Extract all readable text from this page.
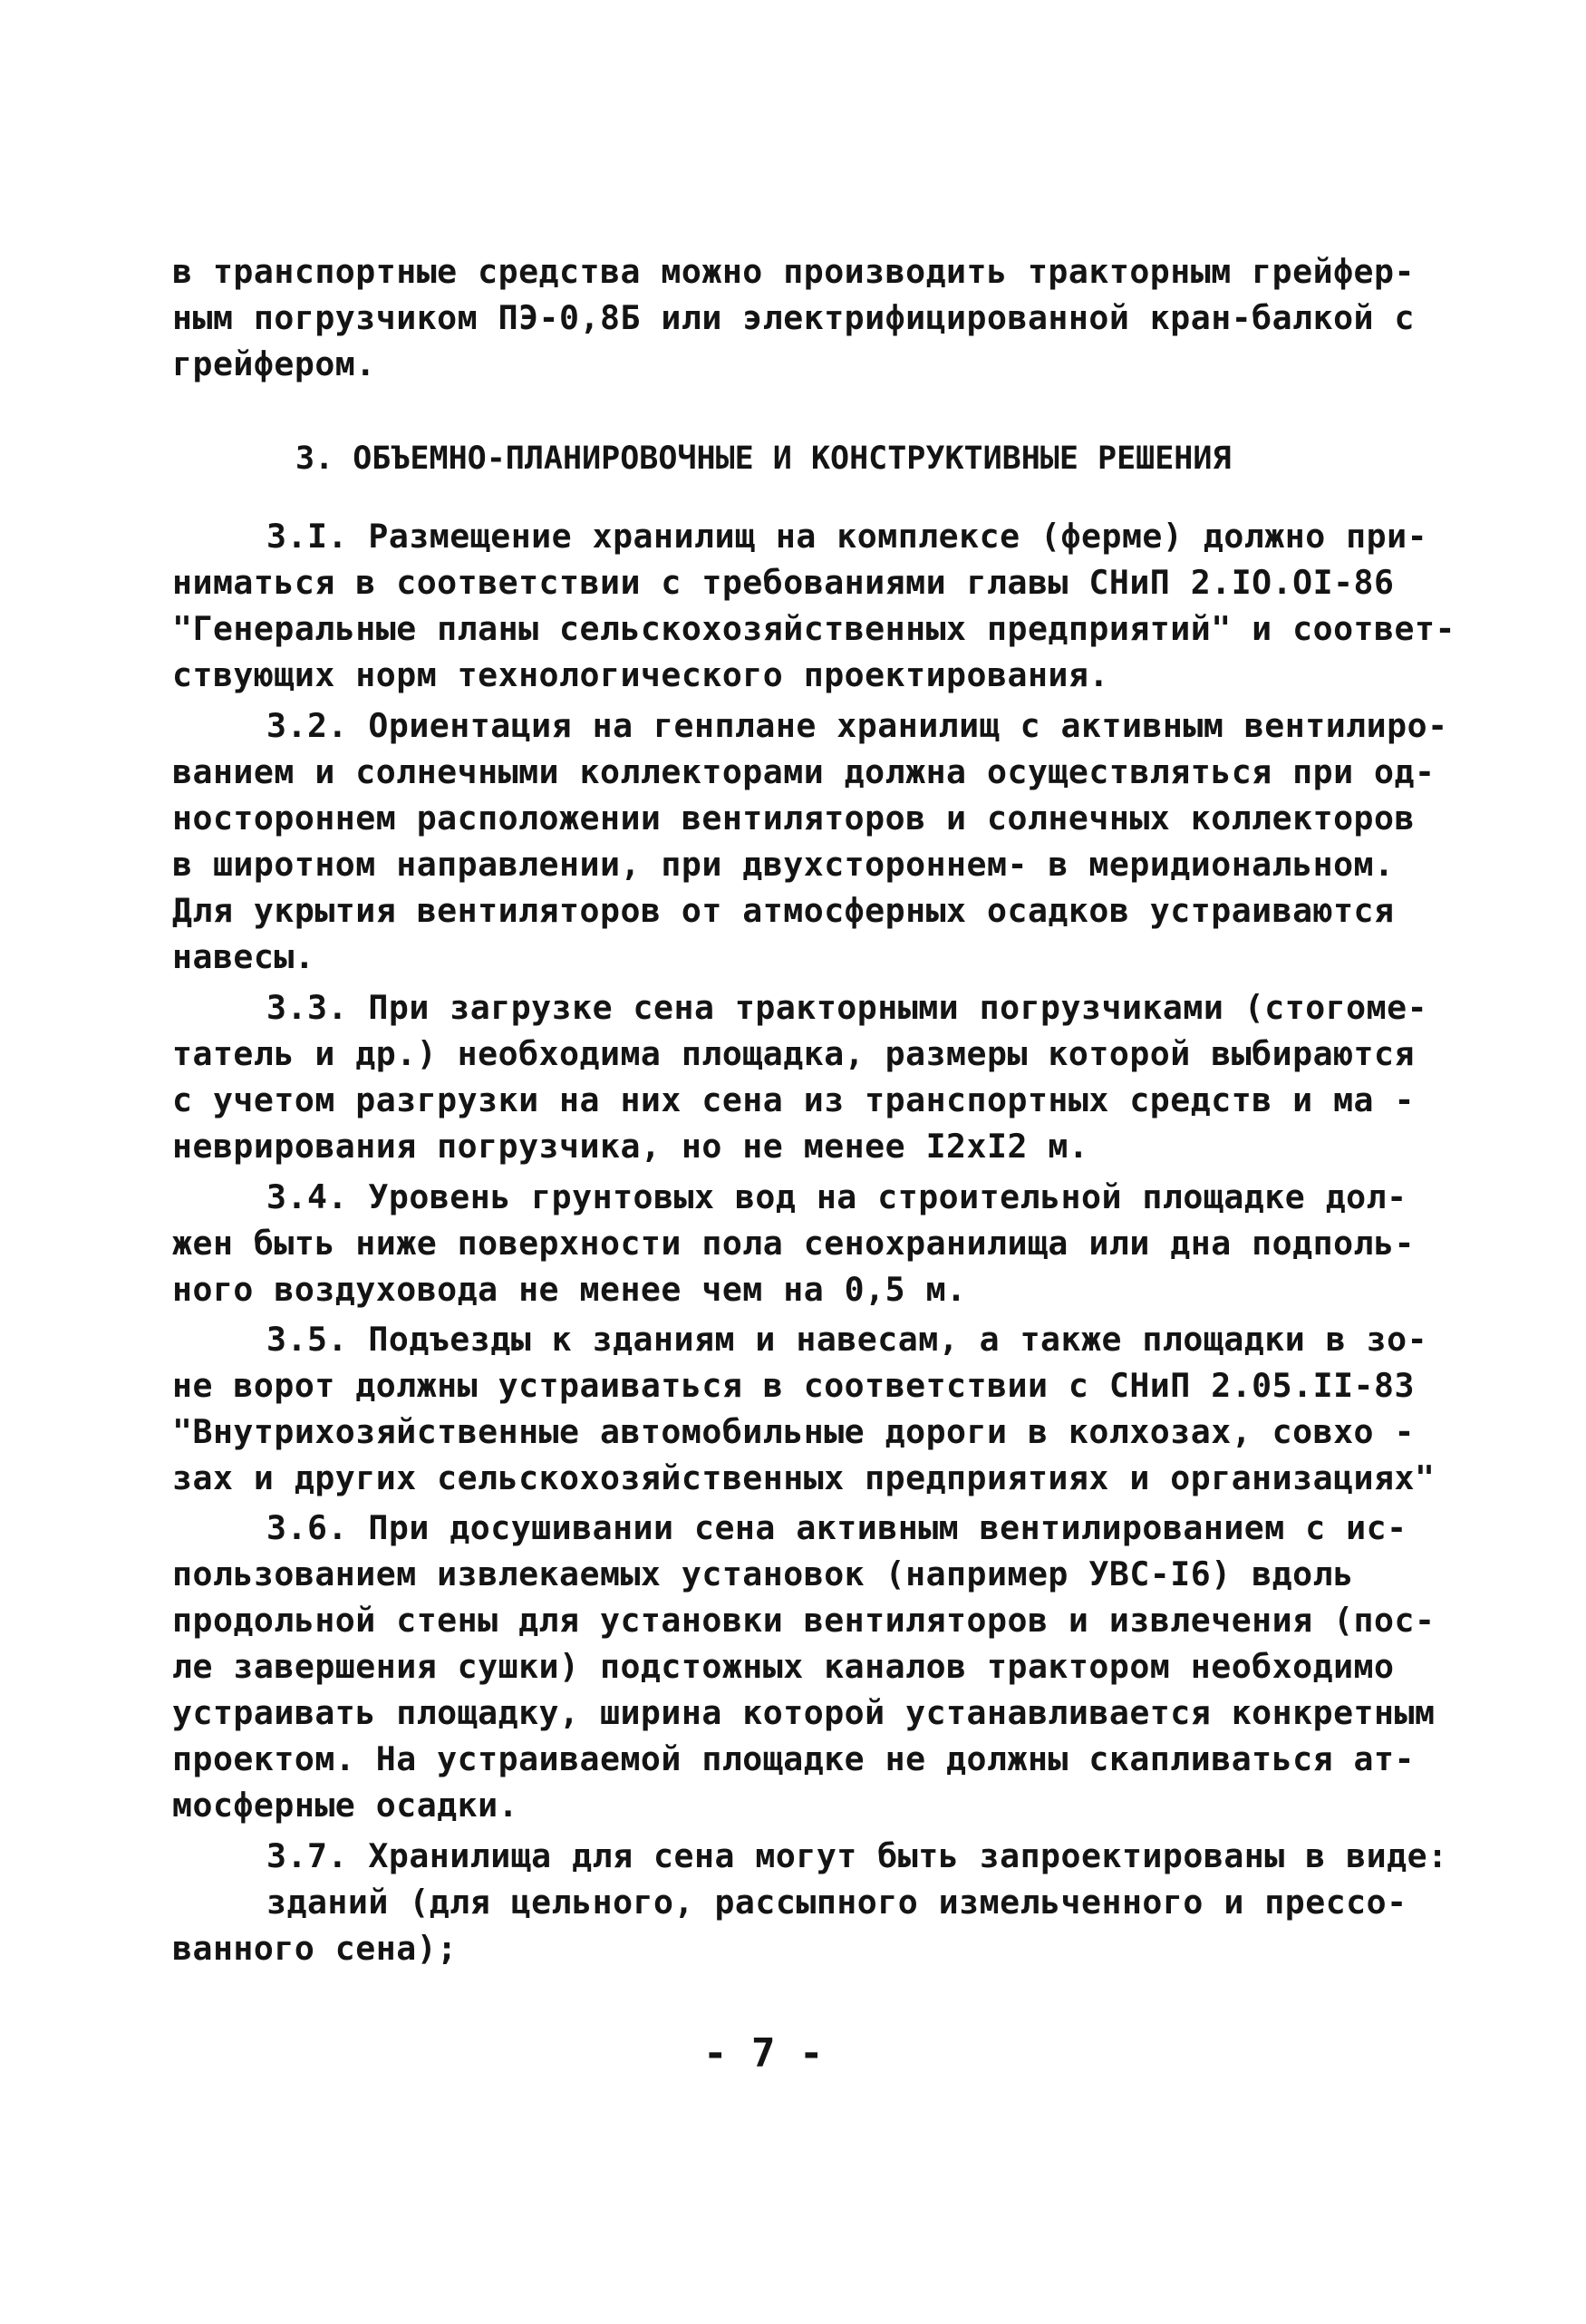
в транспортные средства можно производить тракторным грейфер-
ным погрузчиком ПЭ-0,8Б или электрифицированной кран-балкой с
грейфером.
3. ОБЪЕМНО-ПЛАНИРОВОЧНЫЕ И КОНСТРУКТИВНЫЕ РЕШЕНИЯ
3.I. Размещение хранилищ на комплексе (ферме) должно при-
ниматься в соответствии с требованиями главы СНиП 2.IO.OI-86
"Генеральные планы сельскохозяйственных предприятий" и соответ-
ствующих норм технологического проектирования.
3.2. Ориентация на генплане хранилищ с активным вентилиро-
ванием и солнечными коллекторами должна осуществляться при од-
ностороннем расположении вентиляторов и солнечных коллекторов
в широтном направлении, при двухстороннем- в меридиональном.
Для укрытия вентиляторов от атмосферных осадков устраиваются
навесы.
3.3. При загрузке сена тракторными погрузчиками (стогоме-
татель и др.) необходима площадка, размеры которой выбираются
с учетом разгрузки на них сена из транспортных средств и ма -
неврирования погрузчика, но не менее I2xI2 м.
3.4. Уровень грунтовых вод на строительной площадке дол-
жен быть ниже поверхности пола сенохранилища или дна подполь-
ного воздуховода не менее чем на 0,5 м.
3.5. Подъезды к зданиям и навесам, а также площадки в зо-
не ворот должны устраиваться в соответствии с СНиП 2.05.II-83
"Внутрихозяйственные автомобильные дороги в колхозах, совхо -
зах и других сельскохозяйственных предприятиях и организациях"
3.6. При досушивании сена активным вентилированием с ис-
пользованием извлекаемых установок (например УВС-I6) вдоль
продольной стены для установки вентиляторов и извлечения (пос-
ле завершения сушки) подстожных каналов трактором необходимо
устраивать площадку, ширина которой устанавливается конкретным
проектом. На устраиваемой площадке не должны скапливаться ат-
мосферные осадки.
3.7. Хранилища для сена могут быть запроектированы в виде:
зданий (для цельного, рассыпного измельченного и прессо-
ванного сена);
- 7 -
